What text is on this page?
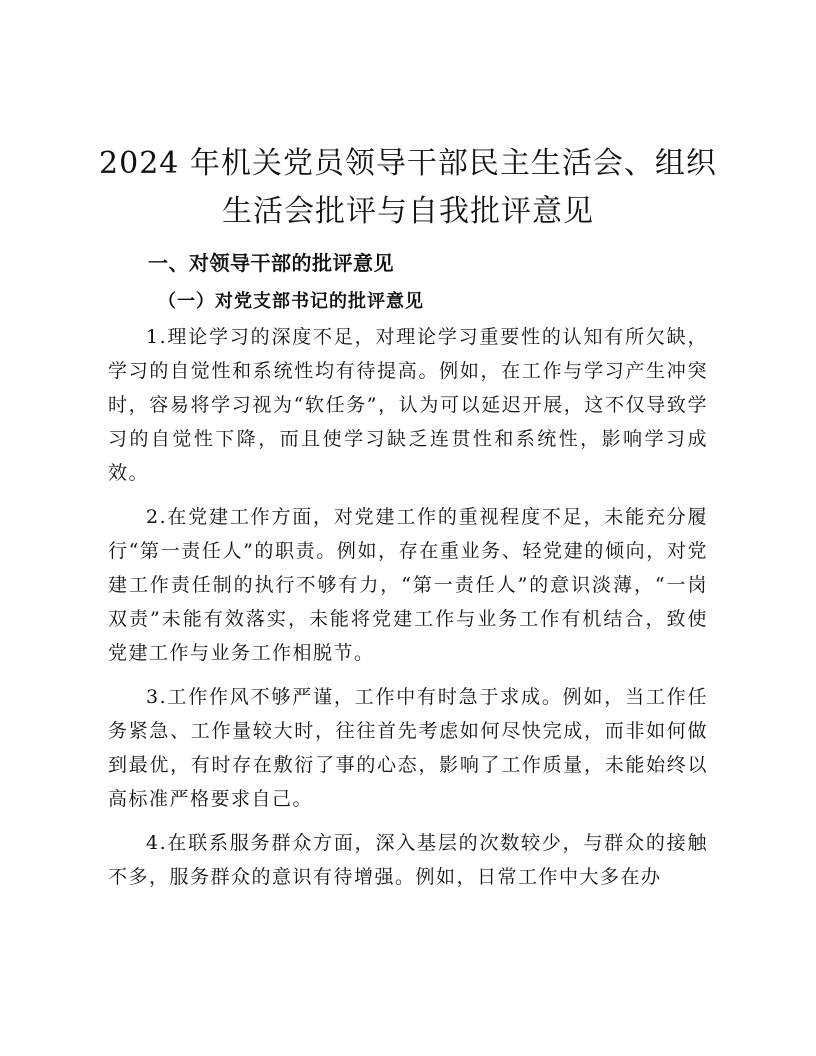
2024 年机关党员领导干部民主生活会、组织生活会批评与自我批评意见
一、对领导干部的批评意见
（一）对党支部书记的批评意见

1.理论学习的深度不足，对理论学习重要性的认知有所欠缺，学习的自觉性和系统性均有待提高。例如，在工作与学习产生冲突时，容易将学习视为“软任务”，认为可以延迟开展，这不仅导致学习的自觉性下降，而且使学习缺乏连贯性和系统性，影响学习成效。

2.在党建工作方面，对党建工作的重视程度不足，未能充分履行“第一责任人”的职责。例如，存在重业务、轻党建的倾向，对党建工作责任制的执行不够有力，“第一责任人”的意识淡薄，“一岗双责”未能有效落实，未能将党建工作与业务工作有机结合，致使党建工作与业务工作相脱节。

3.工作作风不够严谨，工作中有时急于求成。例如，当工作任务紧急、工作量较大时，往往首先考虑如何尽快完成，而非如何做到最优，有时存在敷衍了事的心态，影响了工作质量，未能始终以高标准严格要求自己。

4.在联系服务群众方面，深入基层的次数较少，与群众的接触不多，服务群众的意识有待增强。例如，日常工作中大多在办
